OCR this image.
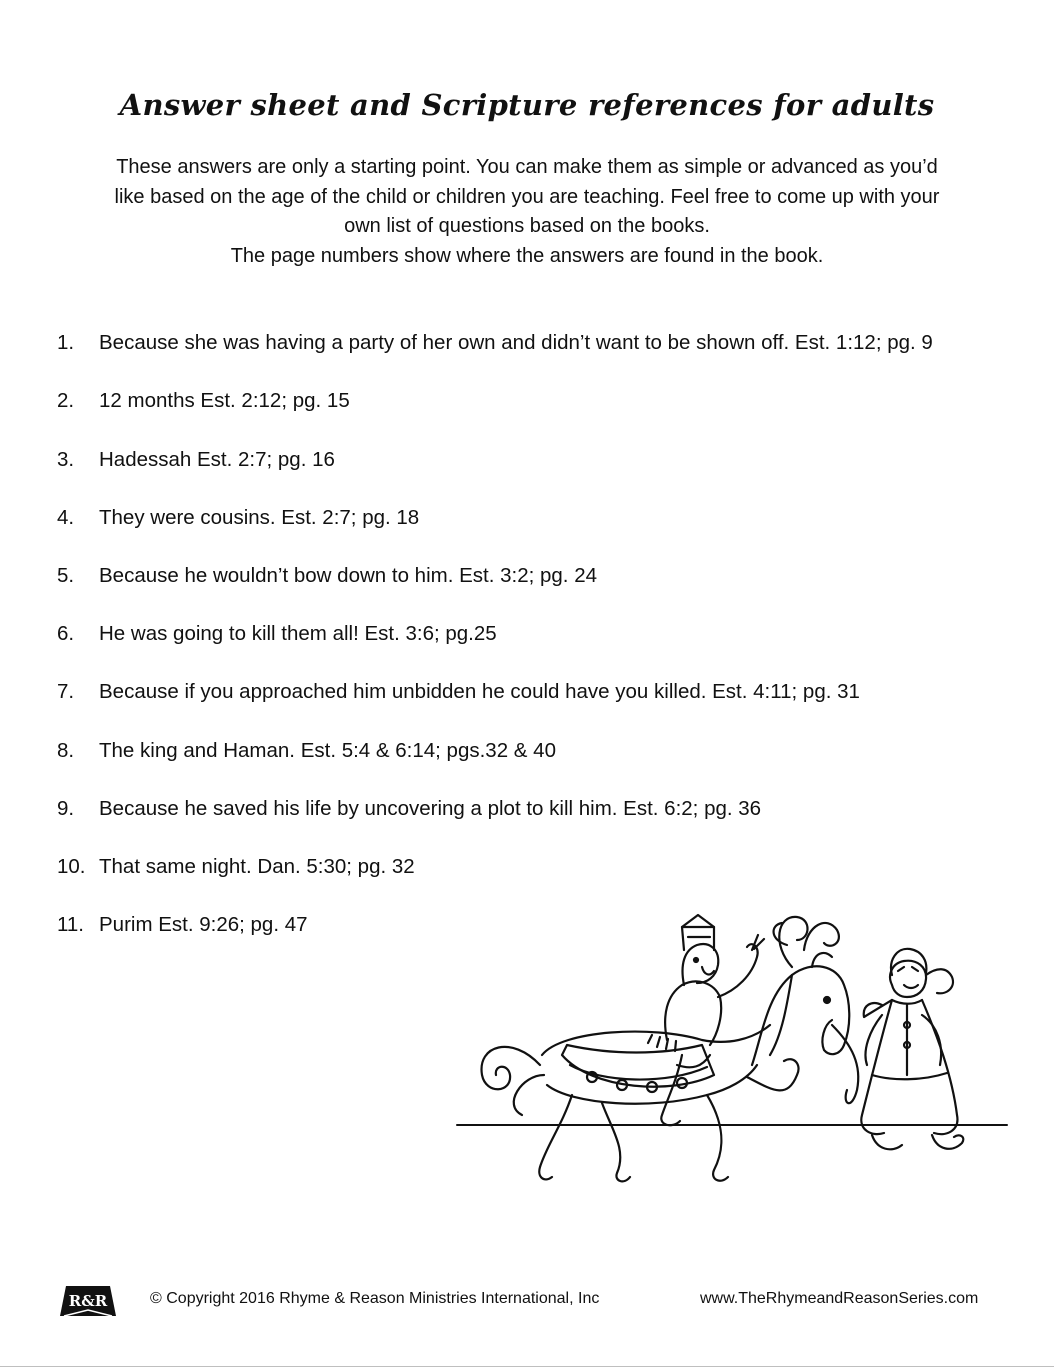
Answer sheet and Scripture references for adults

These answers are only a starting point. You can make them as simple or advanced as you’d

like based on the age of the child or children you are teaching. Feel free to come up with your

own list of questions based on the books.

The page numbers show where the answers are found in the book.

1. Because she was having a party of her own and didn’t want to be shown off. Est. 1:12; pg. 9
2. 12 months Est. 2:12; pg. 15
3. Hadessah Est. 2:7; pg. 16
4. They were cousins. Est. 2:7; pg. 18
5. Because he wouldn’t bow down to him. Est. 3:2; pg. 24
6. He was going to kill them all! Est. 3:6; pg.25
7. Because if you approached him unbidden he could have you killed. Est. 4:11; pg. 31
8. The king and Haman. Est. 5:4 & 6:14; pgs.32 & 40
9. Because he saved his life by uncovering a plot to kill him. Est. 6:2; pg. 36
10. That same night. Dan. 5:30; pg. 32
11. Purim Est. 9:26; pg. 47
R&R	© Copyright 2016 Rhyme & Reason Ministries International, Inc	www.TheRhymeandReasonSeries.com
